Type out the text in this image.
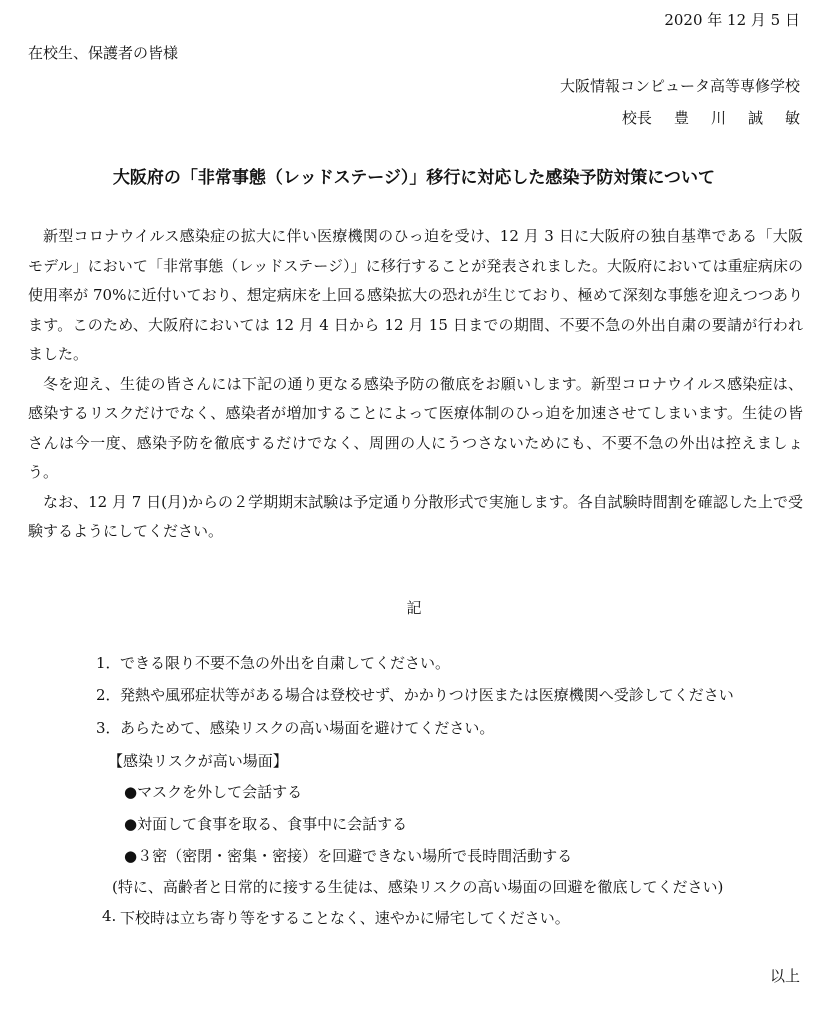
2020 年 12 月 5 日
在校生、保護者の皆様
大阪情報コンピュータ高等専修学校
校長 豊 川 誠 敏
大阪府の「非常事態（レッドステージ）」移行に対応した感染予防対策について

新型コロナウイルス感染症の拡大に伴い医療機関のひっ迫を受け、12 月 3 日に大阪府の独自基準である「大阪モデル」において「非常事態（レッドステージ）」に移行することが発表されました。大阪府においては重症病床の使用率が 70%に近付いており、想定病床を上回る感染拡大の恐れが生じており、極めて深刻な事態を迎えつつあります。このため、大阪府においては 12 月 4 日から 12 月 15 日までの期間、不要不急の外出自粛の要請が行われました。

冬を迎え、生徒の皆さんには下記の通り更なる感染予防の徹底をお願いします。新型コロナウイルス感染症は、感染するリスクだけでなく、感染者が増加することによって医療体制のひっ迫を加速させてしまいます。生徒の皆さんは今一度、感染予防を徹底するだけでなく、周囲の人にうつさないためにも、不要不急の外出は控えましょう。

なお、12 月 7 日(月)からの２学期期末試験は予定通り分散形式で実施します。各自試験時間割を確認した上で受験するようにしてください。

記
1． できる限り不要不急の外出を自粛してください。
2． 発熱や風邪症状等がある場合は登校せず、かかりつけ医または医療機関へ受診してください
3． あらためて、感染リスクの高い場面を避けてください。
【感染リスクが高い場面】
●マスクを外して会話する
●対面して食事を取る、食事中に会話する
●３密（密閉・密集・密接）を回避できない場所で長時間活動する
(特に、高齢者と日常的に接する生徒は、感染リスクの高い場面の回避を徹底してください)
4. 下校時は立ち寄り等をすることなく、速やかに帰宅してください。
以上
